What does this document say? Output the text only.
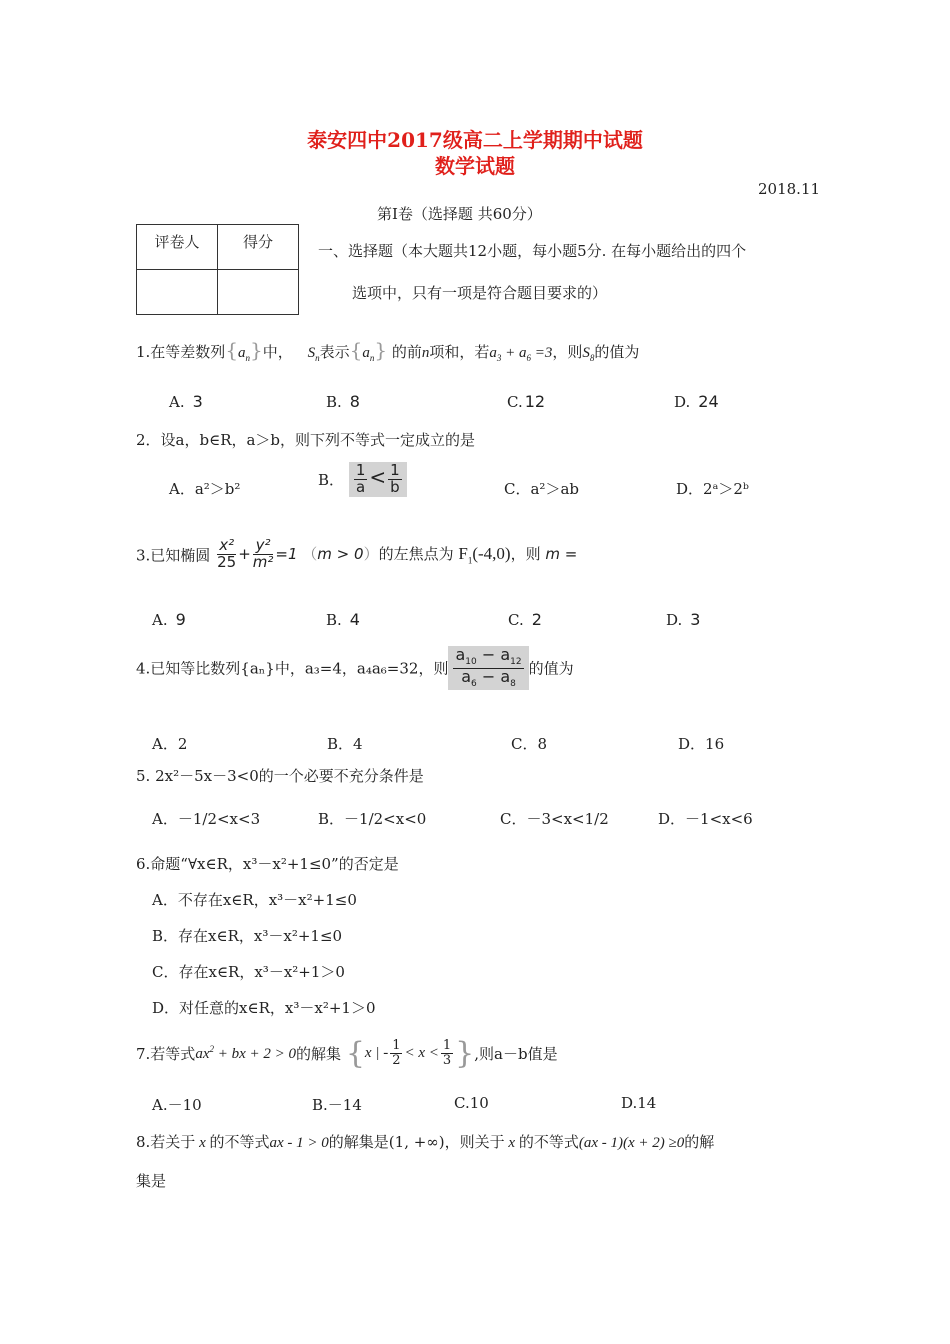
泰安四中2017级高二上学期期中试题
数学试题
2018.11
第Ⅰ卷（选择题 共60分）
评卷人	得分
		一、选择题（本大题共12小题，每小题5分. 在每小题给出的四个
选项中，只有一项是符合题目要求的）
1.在等差数列$\{a_n\}$中， $S_n$表示$\{a_n\}$ 的前n项和，若$a_3 + a_6 =3$，则$S_8$的值为
A. 3	B. 8	C. 12	D. 24
2．设a，b∈R，a＞b，则下列不等式一定成立的是
A．a²＞b²
B． $\frac{1}{a} < \frac{1}{b}$	C．a²＞ab	D．2ᵃ＞2ᵇ
3.已知椭圆 $\frac{\text{x²}}{25} + \frac{\text{y²}}{\text{m²}} =1$ （m > 0）的左焦点为 $F_1(-4,0)$，则 m =
A. 9	B. 4	C. 2	D. 3
4.已知等比数列{aₙ}中，a₃=4，a₄a₆=32，则 $\frac{a_{10} - a_{12}}{a_6 - a_8}$ 的值为
A．2	B．4	C．8	D．16
5. 2x²－5x－3<0的一个必要不充分条件是
A．－1/2<x<3	B．－1/2<x<0	C．－3<x<1/2	D．－1<x<6
6.命题“∀x∈R，x³－x²+1≤0”的否定是
A．不存在x∈R，x³－x²+1≤0
B．存在x∈R，x³－x²+1≤0
C．存在x∈R，x³－x²+1＞0
D．对任意的x∈R，x³－x²+1＞0
7.若等式$ax^2$ + bx + 2 > 0的解集 {x | - $\frac{1}{2} < x < \frac{1}{3}$ },则a－b值是
A.－10	B.－14	C.10	D.14
8.若关于 x 的不等式ax - 1 > 0的解集是(1, +∞)，则关于 x 的不等式(ax - 1)(x + 2) ≥0的解
集是
